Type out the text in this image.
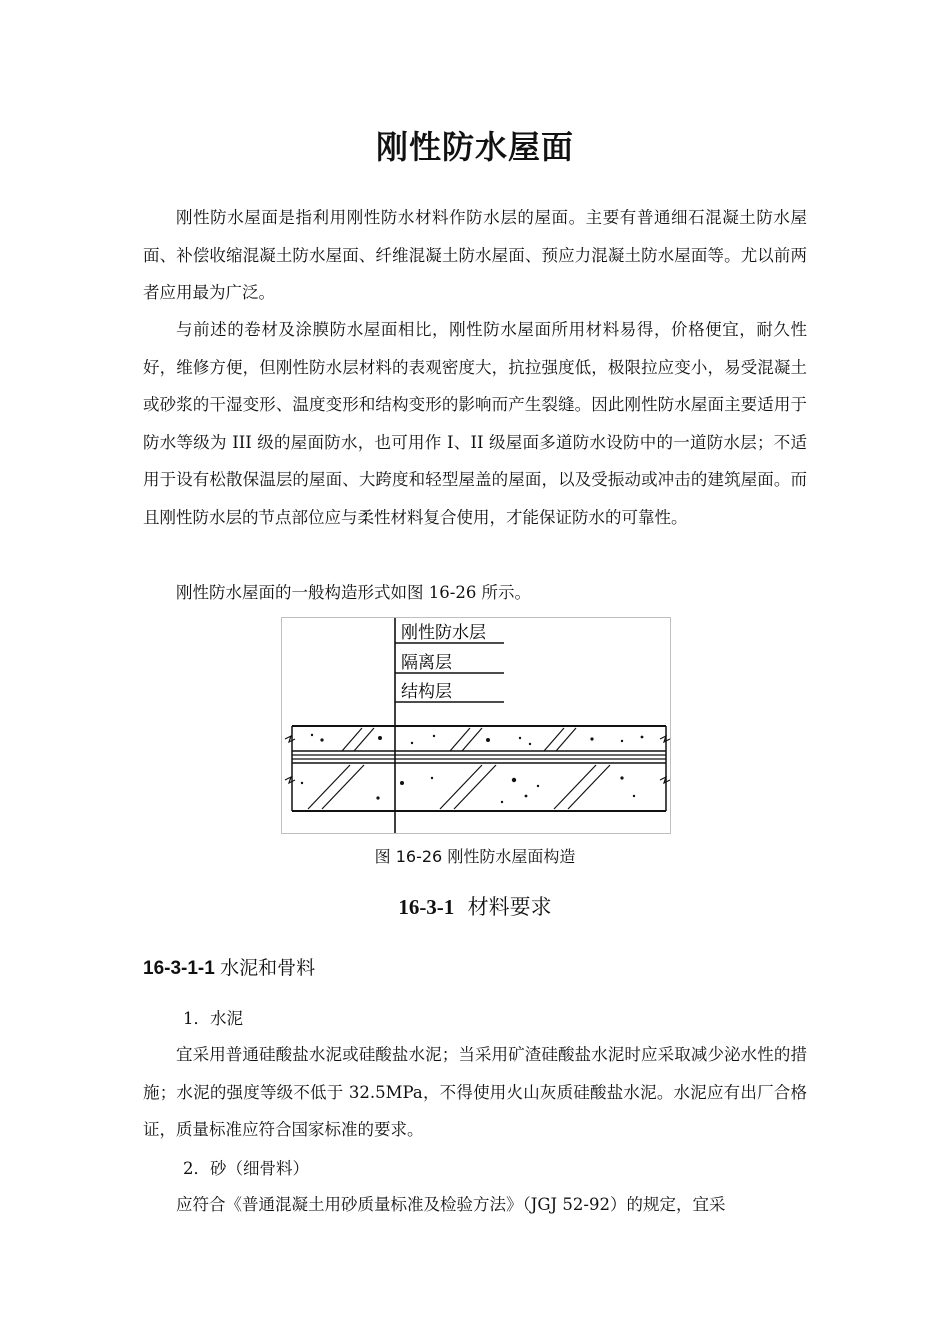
刚性防水屋面

刚性防水屋面是指利用刚性防水材料作防水层的屋面。主要有普通细石混凝土防水屋面、补偿收缩混凝土防水屋面、纤维混凝土防水屋面、预应力混凝土防水屋面等。尤以前两者应用最为广泛。

与前述的卷材及涂膜防水屋面相比，刚性防水屋面所用材料易得，价格便宜，耐久性好，维修方便，但刚性防水层材料的表观密度大，抗拉强度低，极限拉应变小，易受混凝土或砂浆的干湿变形、温度变形和结构变形的影响而产生裂缝。因此刚性防水屋面主要适用于防水等级为 III 级的屋面防水，也可用作 I、II 级屋面多道防水设防中的一道防水层；不适用于设有松散保温层的屋面、大跨度和轻型屋盖的屋面，以及受振动或冲击的建筑屋面。而且刚性防水层的节点部位应与柔性材料复合使用，才能保证防水的可靠性。

刚性防水屋面的一般构造形式如图 16-26 所示。

刚性防水层
隔离层
结构层
图 16-26 刚性防水屋面构造
16-3-1 材料要求
16-3-1-1 水泥和骨料
1．水泥

宜采用普通硅酸盐水泥或硅酸盐水泥；当采用矿渣硅酸盐水泥时应采取减少泌水性的措施；水泥的强度等级不低于 32.5MPa，不得使用火山灰质硅酸盐水泥。水泥应有出厂合格证，质量标准应符合国家标准的要求。

2．砂（细骨料）

应符合《普通混凝土用砂质量标准及检验方法》（JGJ 52-92）的规定，宜采
